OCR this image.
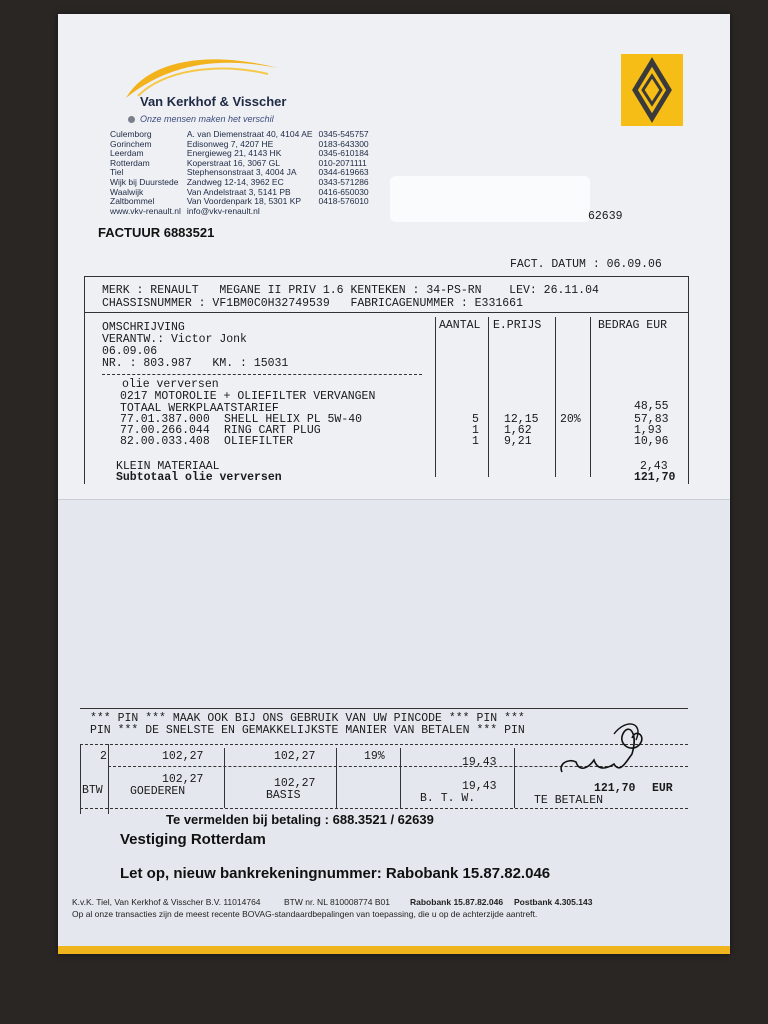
Van Kerkhof & Visscher
Onze mensen maken het verschil
Culemborg	A. van Diemenstraat 40, 4104 AE	0345-545757
Gorinchem	Edisonweg 7, 4207 HE	0183-643300
Leerdam	Energieweg 21, 4143 HK	0345-610184
Rotterdam	Koperstraat 16, 3067 GL	010-2071111
Tiel	Stephensonstraat 3, 4004 JA	0344-619663
Wijk bij Duurstede	Zandweg 12-14, 3962 EC	0343-571286
Waalwijk	Van Andelstraat 3, 5141 PB	0416-650030
Zaltbommel	Van Voordenpark 18, 5301 KP	0418-576010
www.vkv-renault.nl	info@vkv-renault.nl		62639
FACTUUR 6883521
FACT. DATUM : 06.09.06
MERK : RENAULT   MEGANE II PRIV 1.6 KENTEKEN : 34-PS-RN    LEV: 26.11.04
CHASSISNUMMER : VF1BM0C0H32749539   FABRICAGENUMMER : E331661
OMSCHRIJVING	AANTAL E.PRIJS	BEDRAG EUR
VERANTW.: Victor Jonk
06.09.06
NR. : 803.987   KM. : 15031
olie verversen
0217 MOTOROLIE + OLIEFILTER VERVANGEN
TOTAAL WERKPLAATSTARIEF	48,55
77.01.387.000 SHELL HELIX PL 5W-40	5 12,15 20%	57,83
77.00.266.044 RING CART PLUG	1 1,62	1,93
82.00.033.408 OLIEFILTER	1 9,21	10,96
KLEIN MATERIAAL	2,43
Subtotaal olie verversen	121,70
*** PIN *** MAAK OOK BIJ ONS GEBRUIK VAN UW PINCODE *** PIN ***
PIN *** DE SNELSTE EN GEMAKKELIJKSTE MANIER VAN BETALEN *** PIN
2	102,27	102,27	19%	19,43
102,27	102,27	19,43
BTW GOEDEREN	BASIS	B. T. W.
121,70 EUR
TE BETALEN
Te vermelden bij betaling : 688.3521 / 62639
Vestiging Rotterdam
Let op, nieuw bankrekeningnummer: Rabobank 15.87.82.046
K.v.K. Tiel, Van Kerkhof & Visscher B.V. 11014764	BTW nr. NL 810008774 B01 Rabobank 15.87.82.046 Postbank 4.305.143
Op al onze transacties zijn de meest recente BOVAG-standaardbepalingen van toepassing, die u op de achterzijde aantreft.
